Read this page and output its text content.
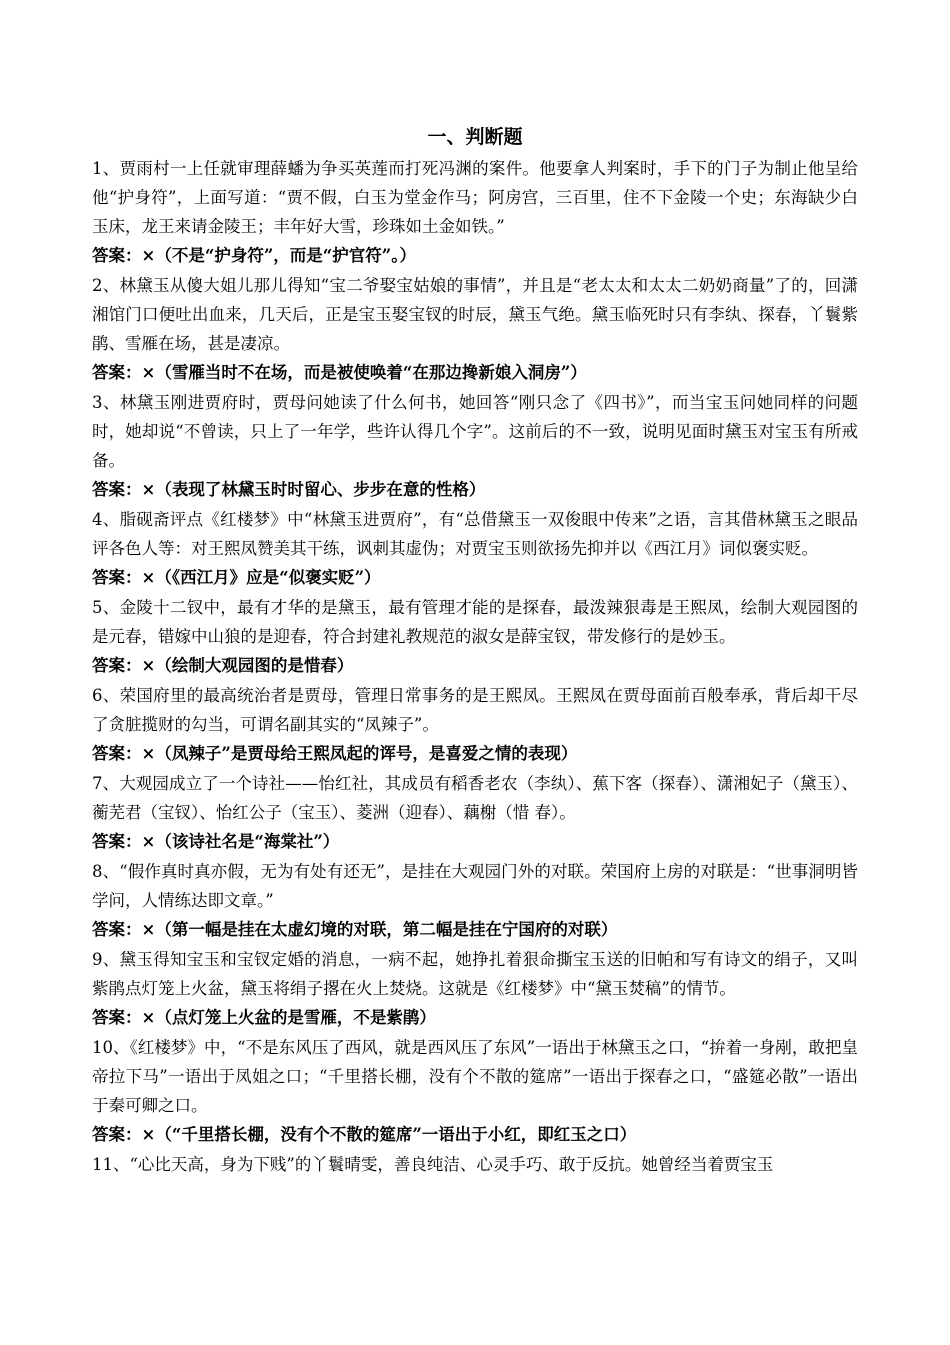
一、判断题

1、贾雨村一上任就审理薛蟠为争买英莲而打死冯渊的案件。他要拿人判案时，手下的门子为制止他呈给他“护身符”，上面写道：“贾不假，白玉为堂金作马；阿房宫，三百里，住不下金陵一个史；东海缺少白玉床，龙王来请金陵王；丰年好大雪，珍珠如土金如铁。”

答案：×（不是“护身符”，而是“护官符”。）

2、林黛玉从傻大姐儿那儿得知“宝二爷娶宝姑娘的事情”，并且是“老太太和太太二奶奶商量”了的，回潇湘馆门口便吐出血来，几天后，正是宝玉娶宝钗的时辰，黛玉气绝。黛玉临死时只有李纨、探春，丫鬟紫鹃、雪雁在场，甚是凄凉。

答案：×（雪雁当时不在场，而是被使唤着“在那边搀新娘入洞房”）

3、林黛玉刚进贾府时，贾母问她读了什么何书，她回答“刚只念了《四书》”，而当宝玉问她同样的问题时，她却说“不曾读，只上了一年学，些许认得几个字”。这前后的不一致，说明见面时黛玉对宝玉有所戒备。

答案：×（表现了林黛玉时时留心、步步在意的性格）

4、脂砚斋评点《红楼梦》中“林黛玉进贾府”，有“总借黛玉一双俊眼中传来”之语，言其借林黛玉之眼品评各色人等：对王熙凤赞美其干练，讽刺其虚伪；对贾宝玉则欲扬先抑并以《西江月》词似褒实贬。

答案：×（《西江月》应是“似褒实贬”）

5、金陵十二钗中，最有才华的是黛玉，最有管理才能的是探春，最泼辣狠毒是王熙凤，绘制大观园图的是元春，错嫁中山狼的是迎春，符合封建礼教规范的淑女是薛宝钗，带发修行的是妙玉。

答案：×（绘制大观园图的是惜春）

6、荣国府里的最高统治者是贾母，管理日常事务的是王熙凤。王熙凤在贾母面前百般奉承，背后却干尽了贪脏揽财的勾当，可谓名副其实的“凤辣子”。

答案：×（凤辣子”是贾母给王熙凤起的诨号，是喜爱之情的表现）

7、大观园成立了一个诗社——怡红社，其成员有稻香老农（李纨）、蕉下客（探春）、潇湘妃子（黛玉）、蘅芜君（宝钗）、怡红公子（宝玉）、菱洲（迎春）、藕榭（惜 春）。

答案：×（该诗社名是“海棠社”）

8、“假作真时真亦假，无为有处有还无”，是挂在大观园门外的对联。荣国府上房的对联是：“世事洞明皆学问，人情练达即文章。”

答案：×（第一幅是挂在太虚幻境的对联，第二幅是挂在宁国府的对联）

9、黛玉得知宝玉和宝钗定婚的消息，一病不起，她挣扎着狠命撕宝玉送的旧帕和写有诗文的绢子，又叫紫鹃点灯笼上火盆，黛玉将绢子撂在火上焚烧。这就是《红楼梦》中“黛玉焚稿”的情节。

答案：×（点灯笼上火盆的是雪雁，不是紫鹃）

10、《红楼梦》中，“不是东风压了西风，就是西风压了东风”一语出于林黛玉之口，“拚着一身剐，敢把皇帝拉下马”一语出于凤姐之口；“千里搭长棚，没有个不散的筵席”一语出于探春之口，“盛筵必散”一语出于秦可卿之口。

答案：×（“千里搭长棚，没有个不散的筵席”一语出于小红，即红玉之口）

11、“心比天高，身为下贱”的丫鬟晴雯，善良纯洁、心灵手巧、敢于反抗。她曾经当着贾宝玉
